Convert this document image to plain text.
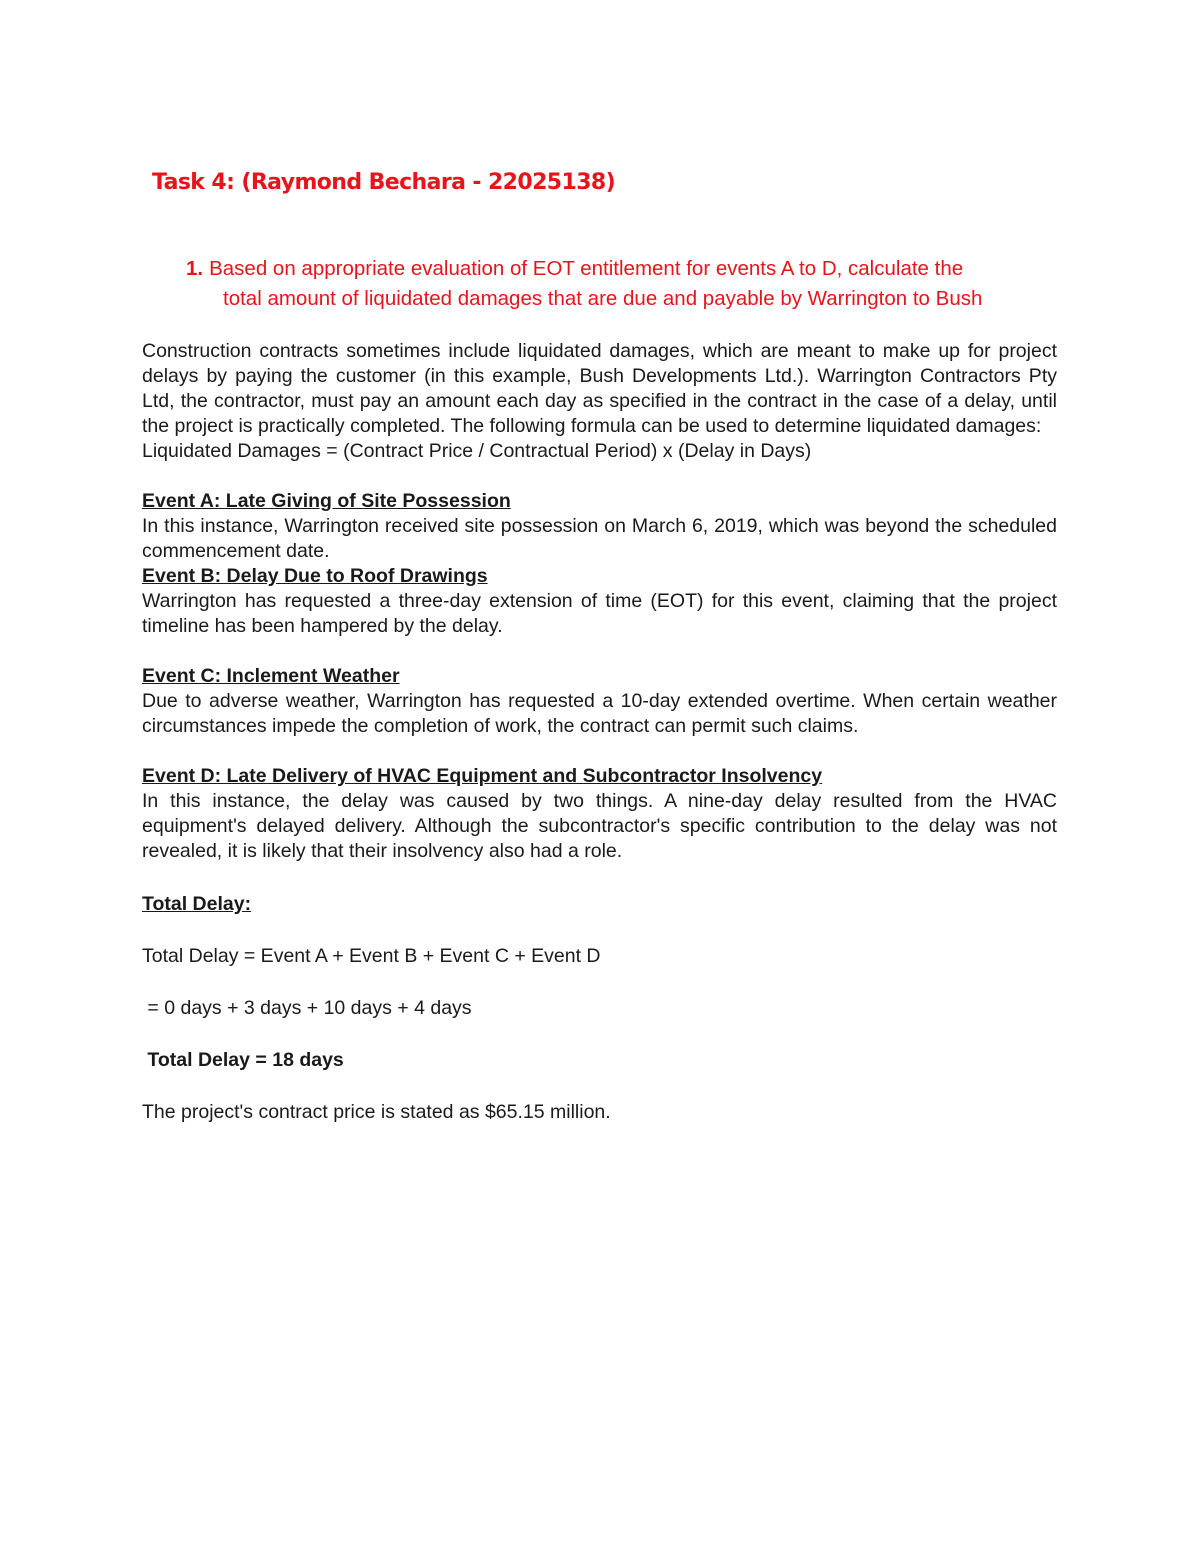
Task 4: (Raymond Bechara - 22025138)
1. Based on appropriate evaluation of EOT entitlement for events A to D, calculate the
total amount of liquidated damages that are due and payable by Warrington to Bush

Construction contracts sometimes include liquidated damages, which are meant to make up for project delays by paying the customer (in this example, Bush Developments Ltd.). Warrington Contractors Pty Ltd, the contractor, must pay an amount each day as specified in the contract in the case of a delay, until the project is practically completed. The following formula can be used to determine liquidated damages:

Liquidated Damages = (Contract Price / Contractual Period) x (Delay in Days)

Event A: Late Giving of Site Possession

In this instance, Warrington received site possession on March 6, 2019, which was beyond the scheduled commencement date.

Event B: Delay Due to Roof Drawings

Warrington has requested a three-day extension of time (EOT) for this event, claiming that the project timeline has been hampered by the delay.

Event C: Inclement Weather

Due to adverse weather, Warrington has requested a 10-day extended overtime. When certain weather circumstances impede the completion of work, the contract can permit such claims.

Event D: Late Delivery of HVAC Equipment and Subcontractor Insolvency

In this instance, the delay was caused by two things. A nine-day delay resulted from the HVAC equipment's delayed delivery. Although the subcontractor's specific contribution to the delay was not revealed, it is likely that their insolvency also had a role.

Total Delay:

Total Delay = Event A + Event B + Event C + Event D

= 0 days + 3 days + 10 days + 4 days

Total Delay = 18 days

The project's contract price is stated as $65.15 million.
